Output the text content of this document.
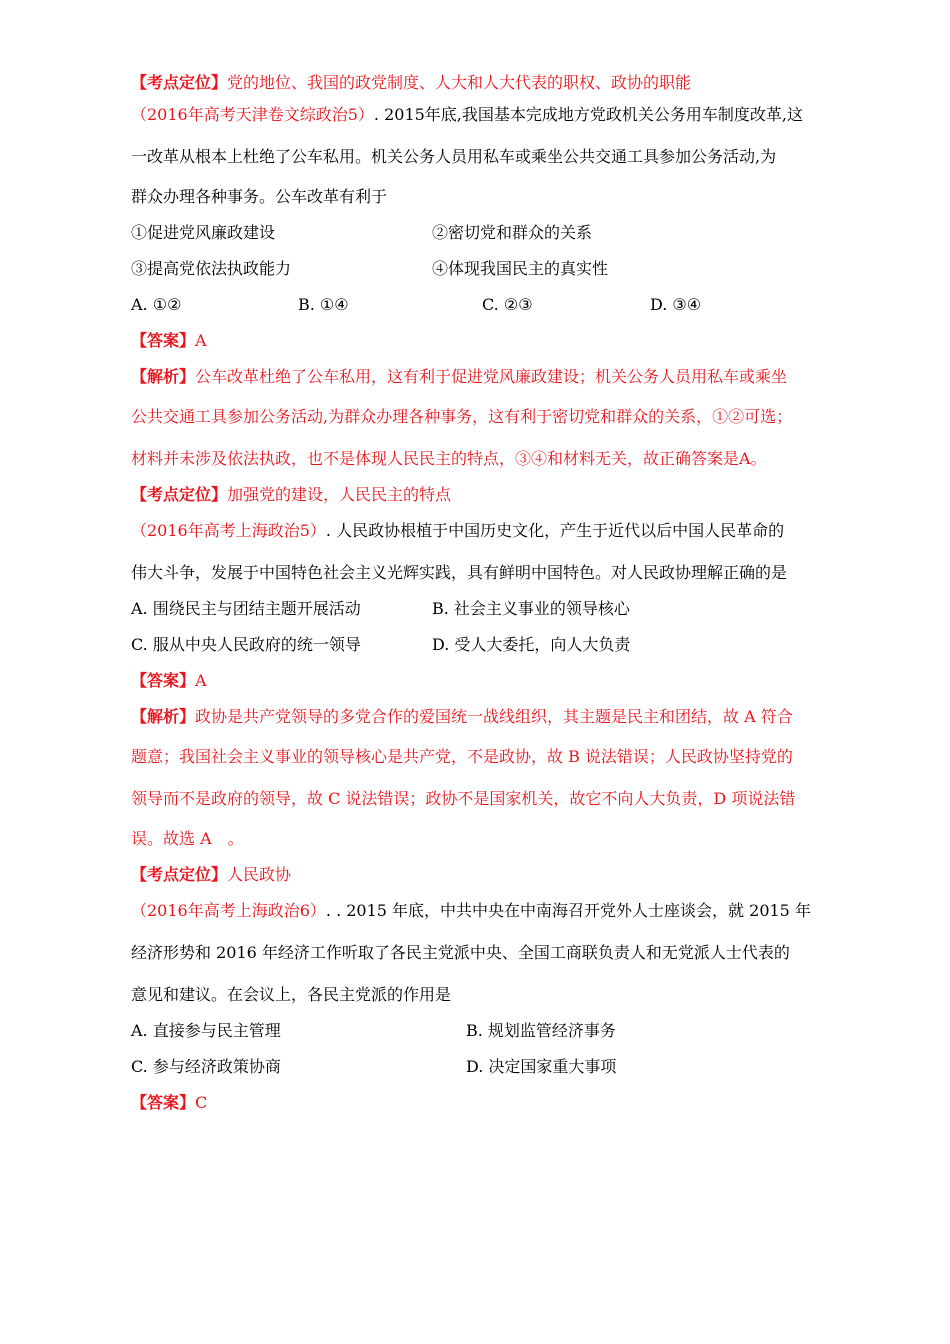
【考点定位】党的地位、我国的政党制度、人大和人大代表的职权、政协的职能
（2016年高考天津卷文综政治5）. 2015年底,我国基本完成地方党政机关公务用车制度改革,这
一改革从根本上杜绝了公车私用。机关公务人员用私车或乘坐公共交通工具参加公务活动,为
群众办理各种事务。公车改革有利于
①促进党风廉政建设	②密切党和群众的关系
③提高党依法执政能力	④体现我国民主的真实性
A. ①②	B. ①④	C. ②③	D. ③④
【答案】A
【解析】公车改革杜绝了公车私用，这有利于促进党风廉政建设；机关公务人员用私车或乘坐
公共交通工具参加公务活动,为群众办理各种事务，这有利于密切党和群众的关系，①②可选；
材料并未涉及依法执政，也不是体现人民民主的特点，③④和材料无关，故正确答案是A。
【考点定位】加强党的建设，人民民主的特点
（2016年高考上海政治5）. 人民政协根植于中国历史文化，产生于近代以后中国人民革命的
伟大斗争，发展于中国特色社会主义光辉实践，具有鲜明中国特色。对人民政协理解正确的是
A. 围绕民主与团结主题开展活动	B. 社会主义事业的领导核心
C. 服从中央人民政府的统一领导	D. 受人大委托，向人大负责
【答案】A
【解析】政协是共产党领导的多党合作的爱国统一战线组织，其主题是民主和团结，故 A 符合
题意；我国社会主义事业的领导核心是共产党，不是政协，故 B 说法错误；人民政协坚持党的
领导而不是政府的领导，故 C 说法错误；政协不是国家机关，故它不向人大负责，D 项说法错
误。故选 A　。
【考点定位】人民政协
（2016年高考上海政治6）. . 2015 年底，中共中央在中南海召开党外人士座谈会，就 2015 年
经济形势和 2016 年经济工作听取了各民主党派中央、全国工商联负责人和无党派人士代表的
意见和建议。在会议上，各民主党派的作用是
A. 直接参与民主管理	B. 规划监管经济事务
C. 参与经济政策协商	D. 决定国家重大事项
【答案】C
